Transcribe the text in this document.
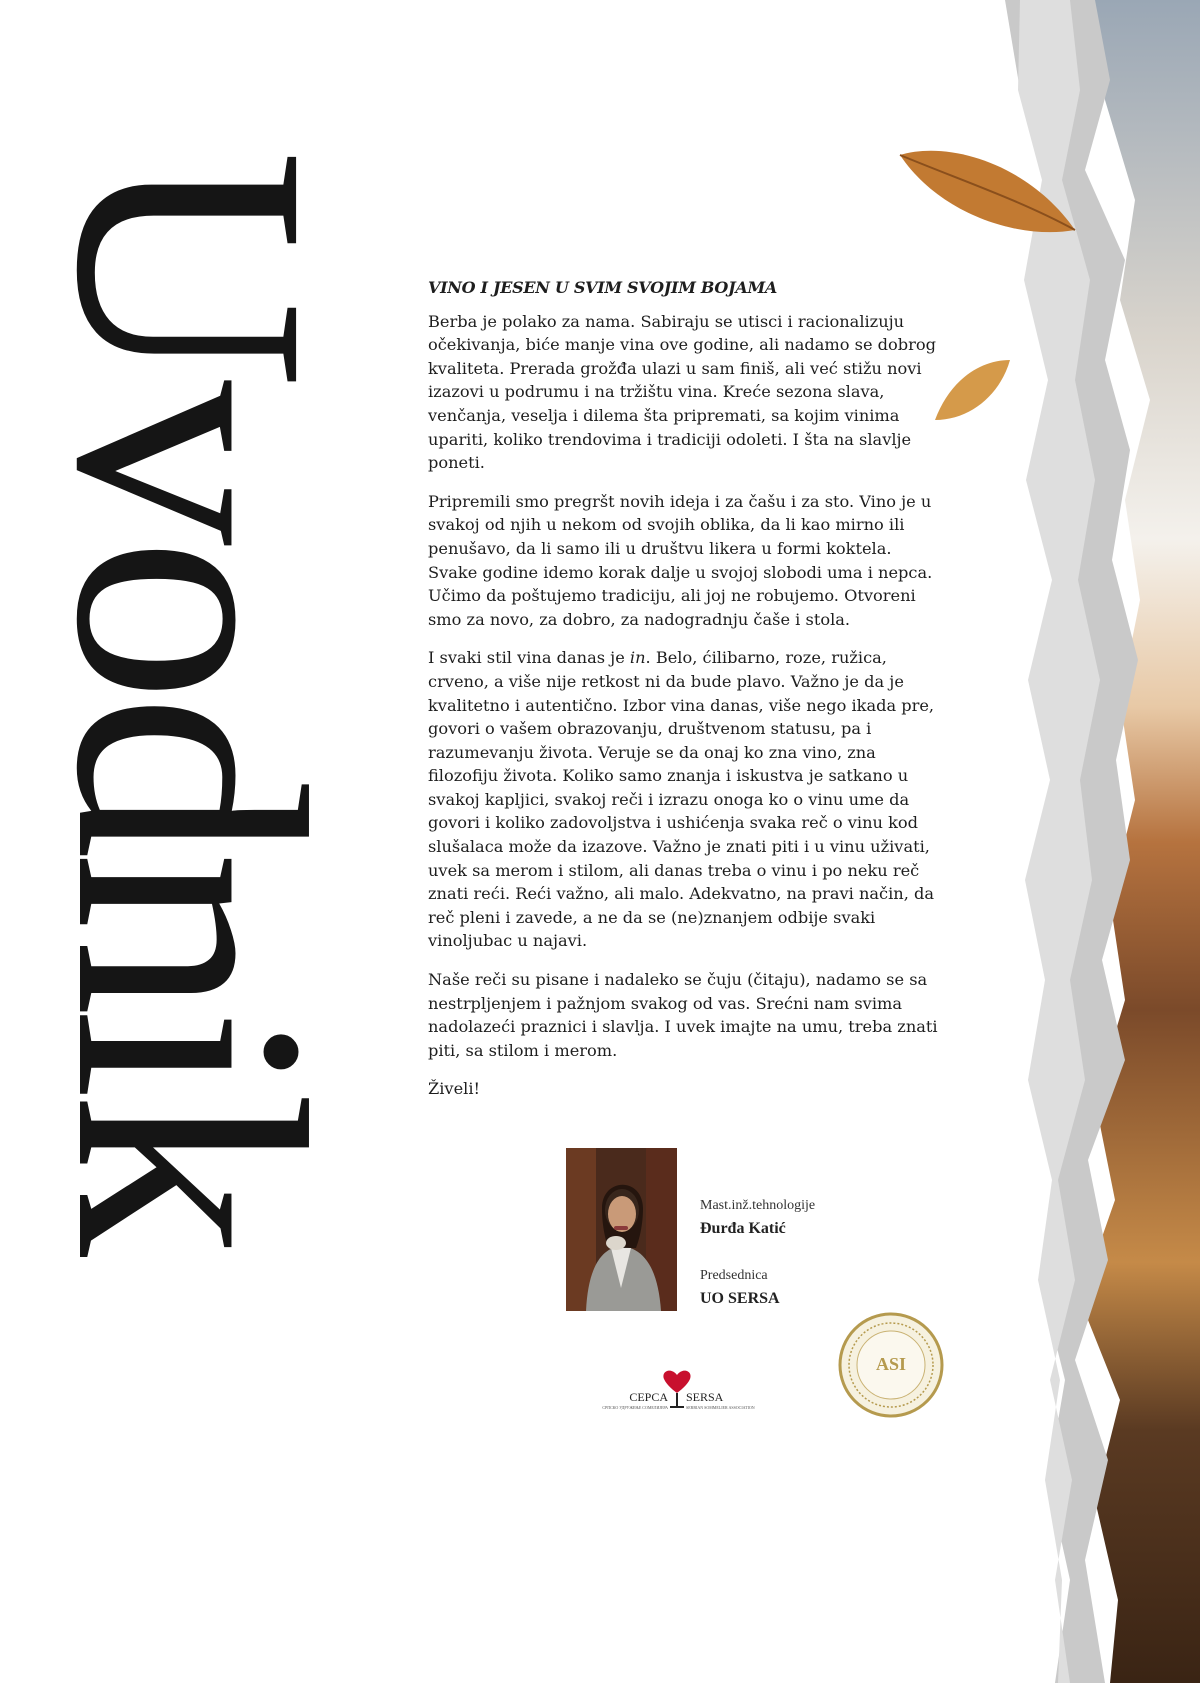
Uvodnik	VINO I JESEN U SVIM SVOJIM BOJAMA

Berba je polako za nama. Sabiraju se utisci i racionalizuju očekivanja, biće manje vina ove godine, ali nadamo se dobrog kvaliteta. Prerada grožđa ulazi u sam finiš, ali već stižu novi izazovi u podrumu i na tržištu vina. Kreće sezona slava, venčanja, veselja i dilema šta pripremati, sa kojim vinima upariti, koliko trendovima i tradiciji odoleti. I šta na slavlje poneti.

Pripremili smo pregršt novih ideja i za čašu i za sto. Vino je u svakoj od njih u nekom od svojih oblika, da li kao mirno ili penušavo, da li samo ili u društvu likera u formi koktela. Svake godine idemo korak dalje u svojoj slobodi uma i nepca. Učimo da poštujemo tradiciju, ali joj ne robujemo. Otvoreni smo za novo, za dobro, za nadogradnju čaše i stola.

I svaki stil vina danas je in. Belo, ćilibarno, roze, ružica, crveno, a više nije retkost ni da bude plavo. Važno je da je kvalitetno i autentično. Izbor vina danas, više nego ikada pre, govori o vašem obrazovanju, društvenom statusu, pa i razumevanju života. Veruje se da onaj ko zna vino, zna filozofiju života. Koliko samo znanja i iskustva je satkano u svakoj kapljici, svakoj reči i izrazu onoga ko o vinu ume da govori i koliko zadovoljstva i ushićenja svaka reč o vinu kod slušalaca može da izazove. Važno je znati piti i u vinu uživati, uvek sa merom i stilom, ali danas treba o vinu i po neku reč znati reći. Reći važno, ali malo. Adekvatno, na pravi način, da reč pleni i zavede, a ne da se (ne)znanjem odbije svaki vinoljubac u najavi.

Naše reči su pisane i nadaleko se čuju (čitaju), nadamo se sa nestrpljenjem i pažnjom svakog od vas. Srećni nam svima nadolazeći praznici i slavlja. I uvek imajte na umu, treba znati piti, sa stilom i merom.

Živeli!

Mast.inž.tehnologije
Đurđa Katić
Predsednica
UO SERSA
CEPCA SERSA
СРПСКО УДРУЖЕЊЕ СОМЕЛИЈЕРА	SERBIAN SOMMELIER ASSOCIATION
ASI
